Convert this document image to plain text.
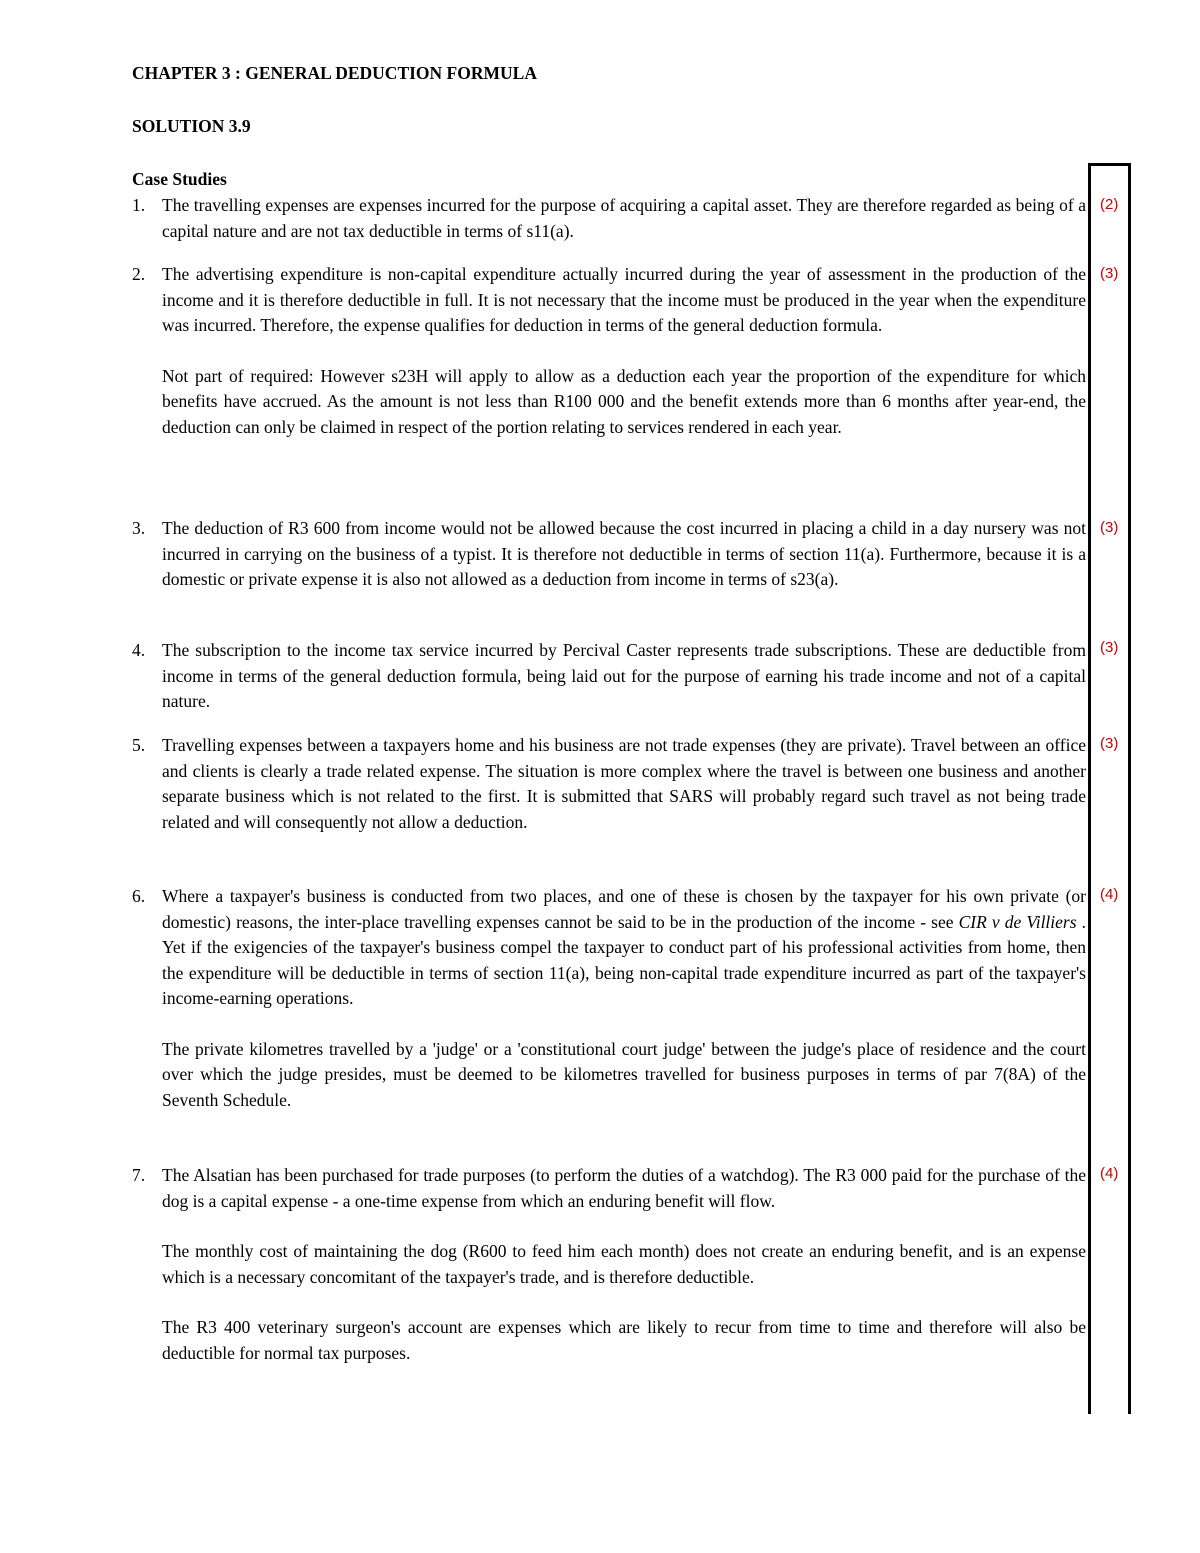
CHAPTER 3 : GENERAL DEDUCTION FORMULA
SOLUTION 3.9
Case Studies
1. The travelling expenses are expenses incurred for the purpose of acquiring a capital asset. They are therefore regarded as being of a capital nature and are not tax deductible in terms of s11(a).
(2)
2. The advertising expenditure is non-capital expenditure actually incurred during the year of assessment in the production of the income and it is therefore deductible in full. It is not necessary that the income must be produced in the year when the expenditure was incurred. Therefore, the expense qualifies for deduction in terms of the general deduction formula.
Not part of required: However s23H will apply to allow as a deduction each year the proportion of the expenditure for which benefits have accrued. As the amount is not less than R100 000 and the benefit extends more than 6 months after year-end, the deduction can only be claimed in respect of the portion relating to services rendered in each year.
(3)
3. The deduction of R3 600 from income would not be allowed because the cost incurred in placing a child in a day nursery was not incurred in carrying on the business of a typist. It is therefore not deductible in terms of section 11(a). Furthermore, because it is a domestic or private expense it is also not allowed as a deduction from income in terms of s23(a).
(3)
4. The subscription to the income tax service incurred by Percival Caster represents trade subscriptions. These are deductible from income in terms of the general deduction formula, being laid out for the purpose of earning his trade income and not of a capital nature.
(3)
5. Travelling expenses between a taxpayers home and his business are not trade expenses (they are private). Travel between an office and clients is clearly a trade related expense. The situation is more complex where the travel is between one business and another separate business which is not related to the first. It is submitted that SARS will probably regard such travel as not being trade related and will consequently not allow a deduction.
(3)
6. Where a taxpayer's business is conducted from two places, and one of these is chosen by the taxpayer for his own private (or domestic) reasons, the inter-place travelling expenses cannot be said to be in the production of the income - see CIR v de Villiers . Yet if the exigencies of the taxpayer's business compel the taxpayer to conduct part of his professional activities from home, then the expenditure will be deductible in terms of section 11(a), being non-capital trade expenditure incurred as part of the taxpayer's income-earning operations.
The private kilometres travelled by a 'judge' or a 'constitutional court judge' between the judge's place of residence and the court over which the judge presides, must be deemed to be kilometres travelled for business purposes in terms of par 7(8A) of the Seventh Schedule.
(4)
7. The Alsatian has been purchased for trade purposes (to perform the duties of a watchdog). The R3 000 paid for the purchase of the dog is a capital expense - a one-time expense from which an enduring benefit will flow.
The monthly cost of maintaining the dog (R600 to feed him each month) does not create an enduring benefit, and is an expense which is a necessary concomitant of the taxpayer's trade, and is therefore deductible.
The R3 400 veterinary surgeon's account are expenses which are likely to recur from time to time and therefore will also be deductible for normal tax purposes.
(4)
